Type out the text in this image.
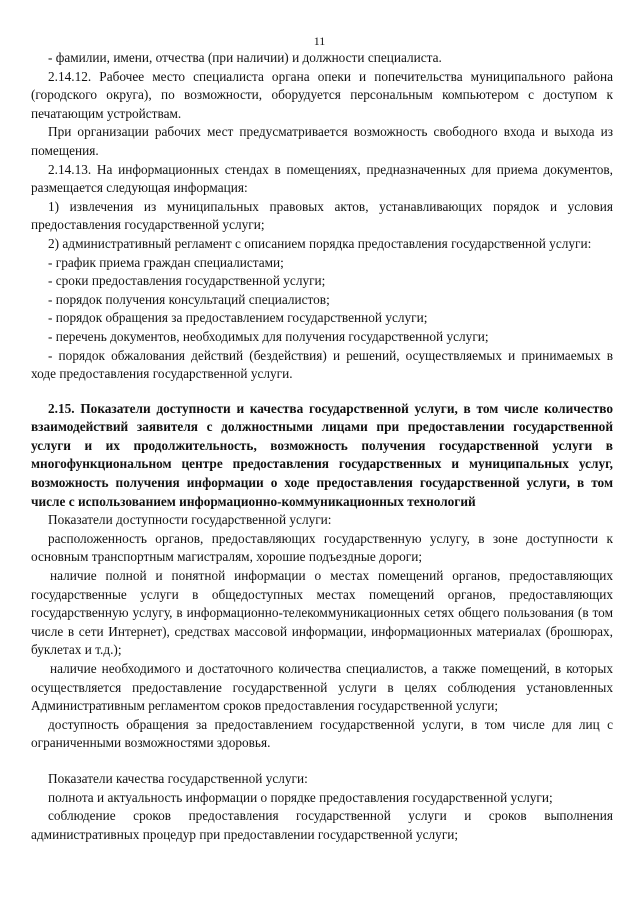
11

- фамилии, имени, отчества (при наличии) и должности специалиста.

2.14.12. Рабочее место специалиста органа опеки и попечительства муниципального района (городского округа), по возможности, оборудуется персональным компьютером с доступом к печатающим устройствам.

При организации рабочих мест предусматривается возможность свободного входа и выхода из помещения.

2.14.13. На информационных стендах в помещениях, предназначенных для приема документов, размещается следующая информация:

1) извлечения из муниципальных правовых актов, устанавливающих порядок и условия предоставления государственной услуги;

2) административный регламент с описанием порядка предоставления государственной услуги:

- график приема граждан специалистами;

- сроки предоставления государственной услуги;

- порядок получения консультаций специалистов;

- порядок обращения за предоставлением государственной услуги;

- перечень документов, необходимых для получения государственной услуги;

- порядок обжалования действий (бездействия) и решений, осуществляемых и принимаемых в ходе предоставления государственной услуги.

2.15. Показатели доступности и качества государственной услуги, в том числе количество взаимодействий заявителя с должностными лицами при предоставлении государственной услуги и их продолжительность, возможность получения государственной услуги в многофункциональном центре предоставления государственных и муниципальных услуг, возможность получения информации о ходе предоставления государственной услуги, в том числе с использованием информационно-коммуникационных технологий

Показатели доступности государственной услуги:

расположенность органов, предоставляющих государственную услугу, в зоне доступности к основным транспортным магистралям, хорошие подъездные дороги;

наличие полной и понятной информации о местах помещений органов, предоставляющих государственные услуги в общедоступных местах помещений органов, предоставляющих государственную услугу, в информационно-телекоммуникационных сетях общего пользования (в том числе в сети Интернет), средствах массовой информации, информационных материалах (брошюрах, буклетах и т.д.);

наличие необходимого и достаточного количества специалистов, а также помещений, в которых осуществляется предоставление государственной услуги в целях соблюдения установленных Административным регламентом сроков предоставления государственной услуги;

доступность обращения за предоставлением государственной услуги, в том числе для лиц с ограниченными возможностями здоровья.

Показатели качества государственной услуги:

полнота и актуальность информации о порядке предоставления государственной услуги;

соблюдение сроков предоставления государственной услуги и сроков выполнения административных процедур при предоставлении государственной услуги;
